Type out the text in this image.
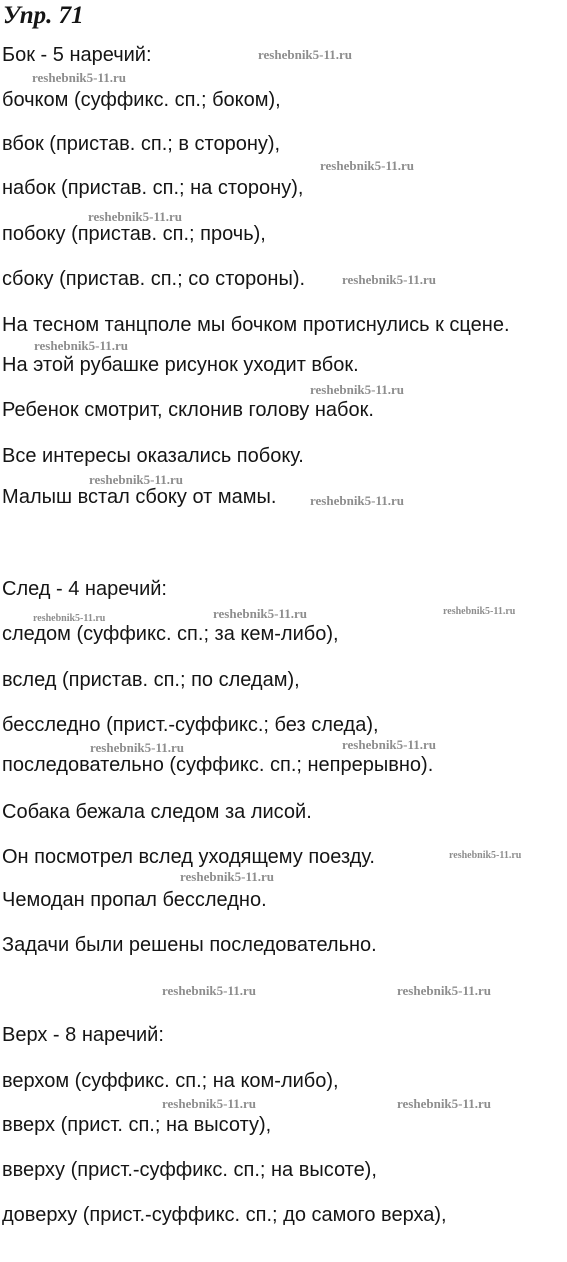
Упр. 71
Бок - 5 наречий:
бочком (суффикс. сп.; боком),
вбок (пристав. сп.; в сторону),
набок (пристав. сп.; на сторону),
побоку (пристав. сп.; прочь),
сбоку (пристав. сп.; со стороны).
На тесном танцполе мы бочком протиснулись к сцене.
На этой рубашке рисунок уходит вбок.
Ребенок смотрит, склонив голову набок.
Все интересы оказались побоку.
Малыш встал сбоку от мамы.
След - 4 наречий:
следом (суффикс. сп.; за кем-либо),
вслед (пристав. сп.; по следам),
бесследно (прист.-суффикс.; без следа),
последовательно (суффикс. сп.; непрерывно).
Собака бежала следом за лисой.
Он посмотрел вслед уходящему поезду.
Чемодан пропал бесследно.
Задачи были решены последовательно.
Верх - 8 наречий:
верхом (суффикс. сп.; на ком-либо),
вверх (прист. сп.; на высоту),
вверху (прист.-суффикс. сп.; на высоте),
доверху (прист.-суффикс. сп.; до самого верха),
reshebnik5-11.ru
reshebnik5-11.ru
reshebnik5-11.ru
reshebnik5-11.ru
reshebnik5-11.ru
reshebnik5-11.ru
reshebnik5-11.ru
reshebnik5-11.ru
reshebnik5-11.ru
reshebnik5-11.ru	reshebnik5-11.ru	reshebnik5-11.ru
reshebnik5-11.ru	reshebnik5-11.ru
reshebnik5-11.ru
reshebnik5-11.ru
reshebnik5-11.ru	reshebnik5-11.ru
reshebnik5-11.ru	reshebnik5-11.ru
